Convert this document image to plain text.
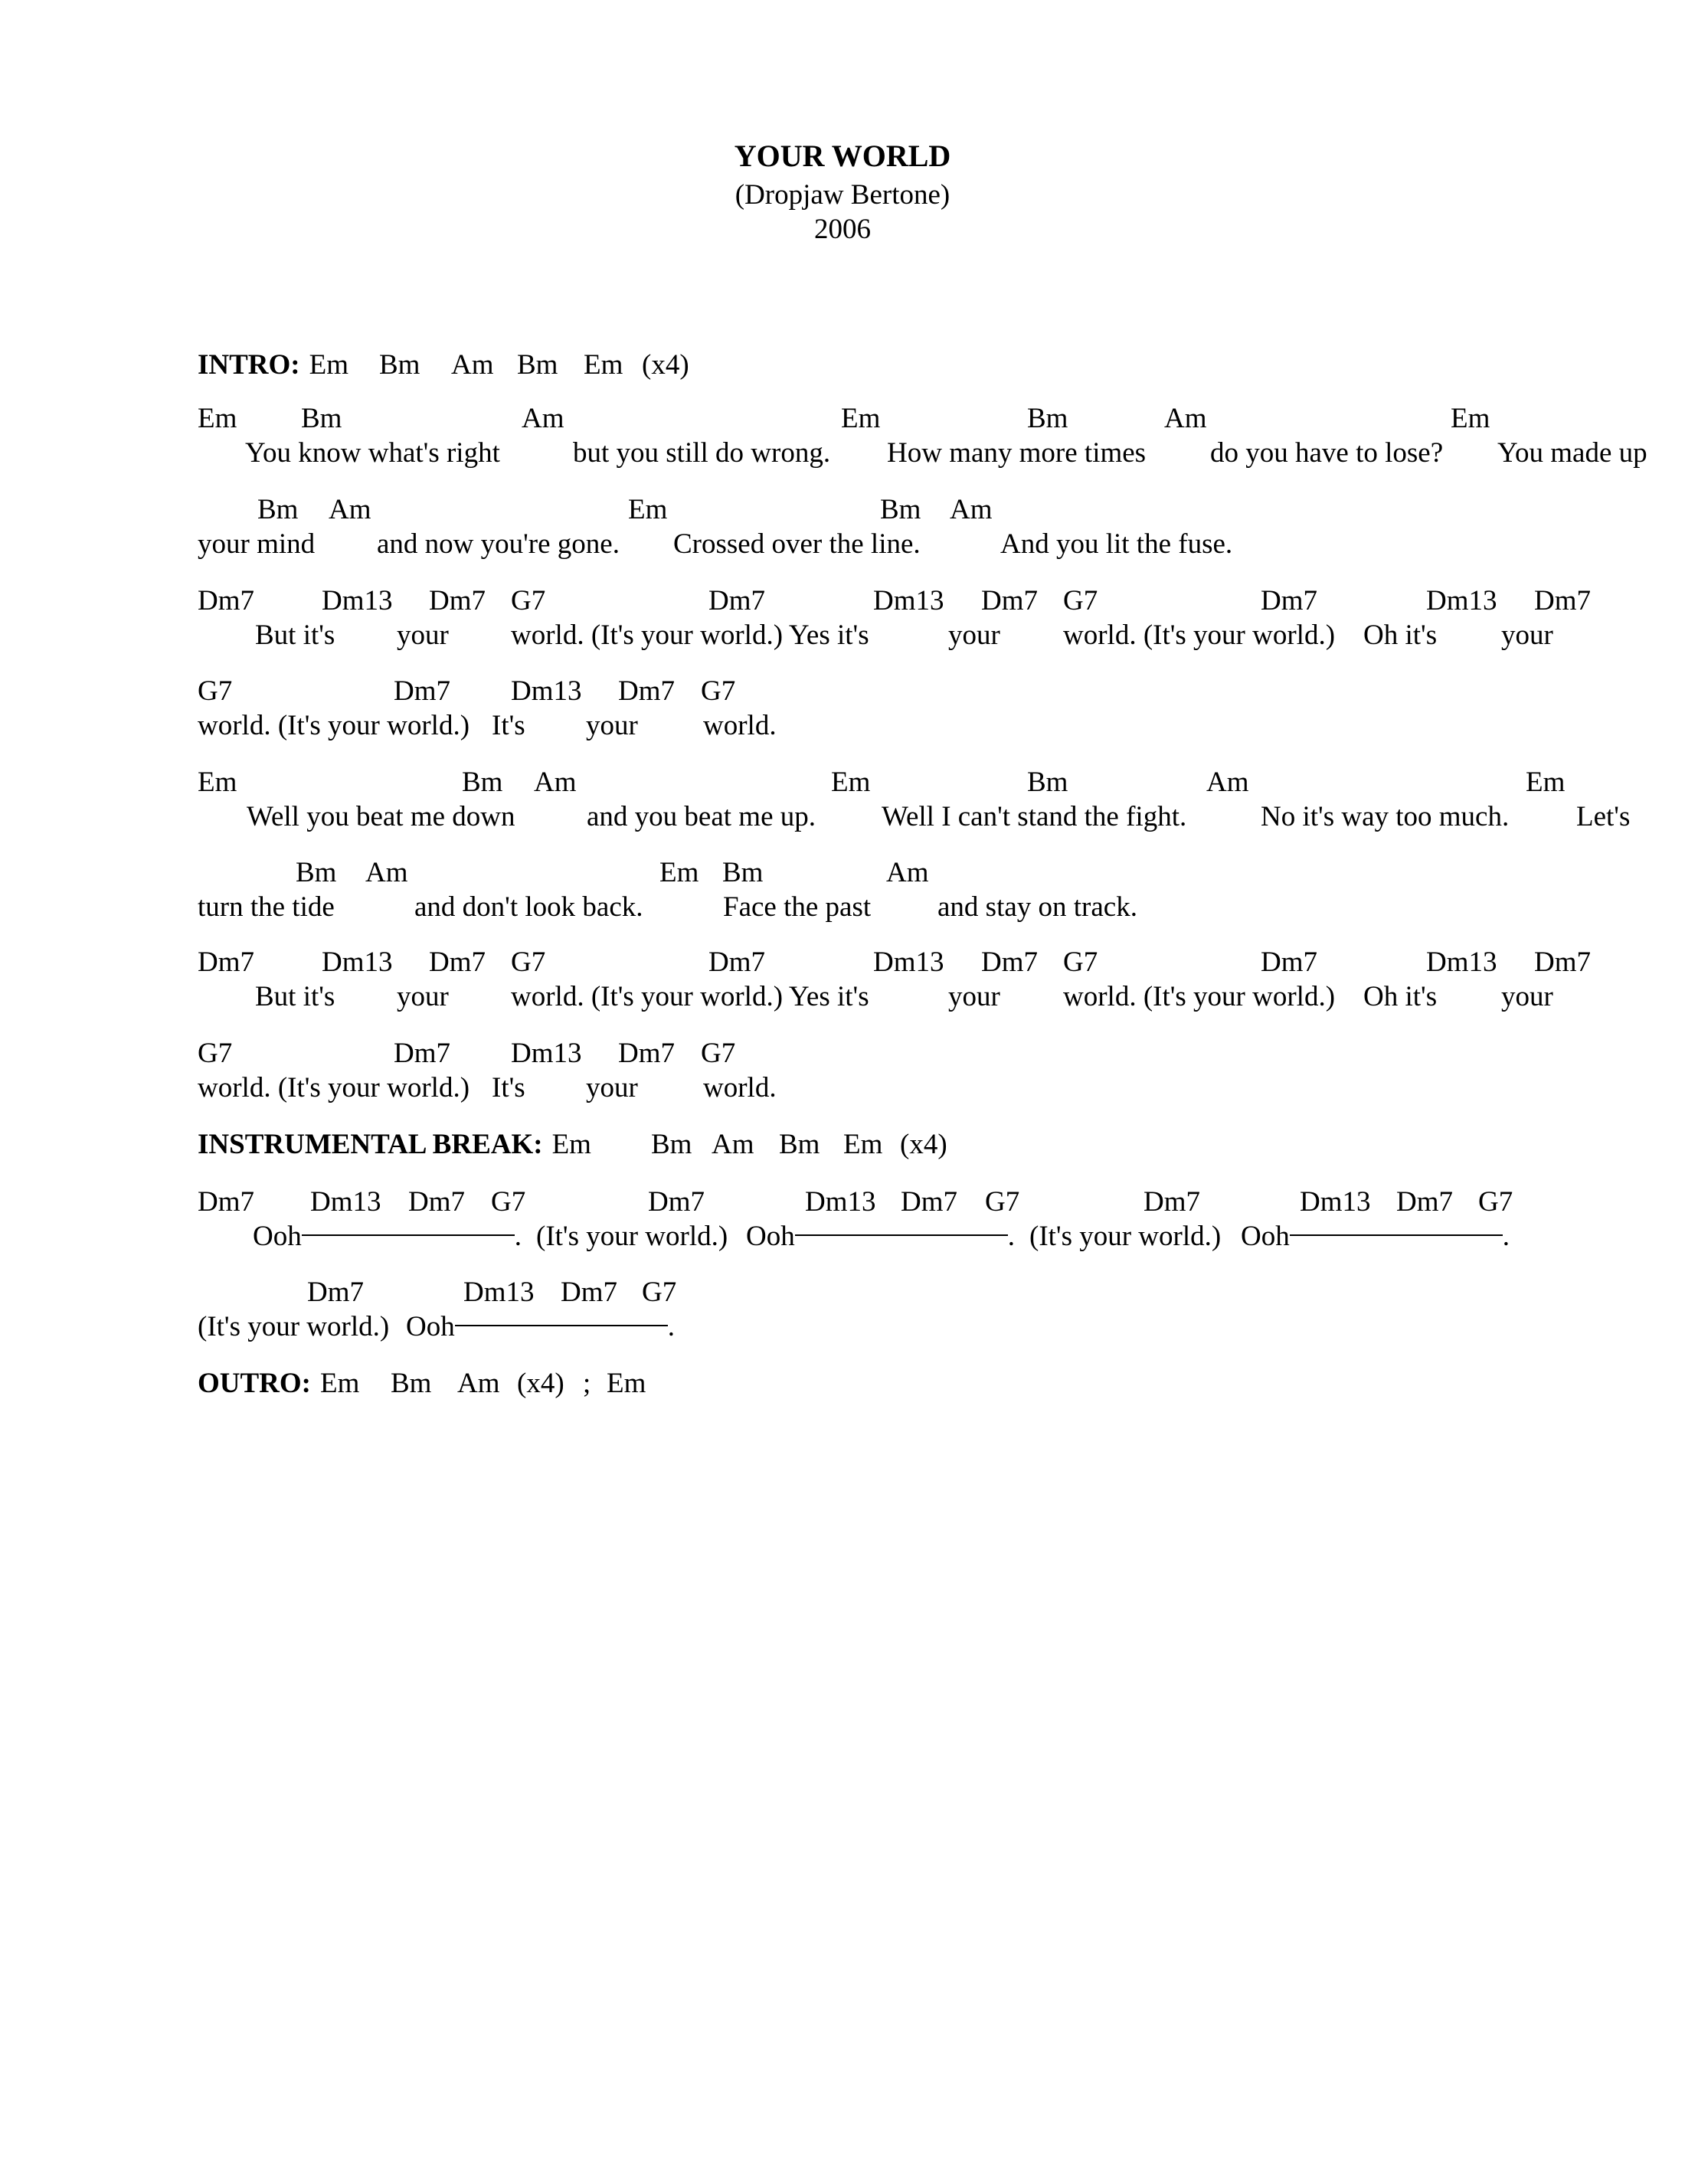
YOUR WORLD
(Dropjaw Bertone)
2006
INTRO: Em Bm Am Bm Em (x4)
Em Bm	Am	Em	Bm	Am	Em
You know what's right	but you still do wrong. How many more times do you have to lose? You made up
Bm Am	Em	Bm Am
your mind and now you're gone. Crossed over the line.	And you lit the fuse.
Dm7 Dm13 Dm7 G7	Dm7	Dm13 Dm7 G7	Dm7	Dm13 Dm7
But it's your world. (It's your world.) Yes it's	your world. (It's your world.) Oh it's your
G7	Dm7 Dm13 Dm7 G7
world. (It's your world.) It's your world.
Em	Bm Am	Em	Bm	Am	Em
Well you beat me down	and you beat me up. Well I can't stand the fight.	No it's way too much. Let's
Bm Am	Em Bm	Am
turn the tide	and don't look back.	Face the past and stay on track.
Dm7 Dm13 Dm7 G7	Dm7	Dm13 Dm7 G7	Dm7	Dm13 Dm7
But it's your world. (It's your world.) Yes it's	your world. (It's your world.) Oh it's your
G7	Dm7 Dm13 Dm7 G7
world. (It's your world.) It's your world.
INSTRUMENTAL BREAK: Em Bm Am Bm Em (x4)
Dm7 Dm13 Dm7 G7	Dm7	Dm13 Dm7 G7	Dm7	Dm13 Dm7 G7
Ooh	. (It's your world.) Ooh	. (It's your world.) Ooh	.
Dm7	Dm13 Dm7 G7
(It's your world.) Ooh	.
OUTRO: Em Bm Am (x4) ; Em
